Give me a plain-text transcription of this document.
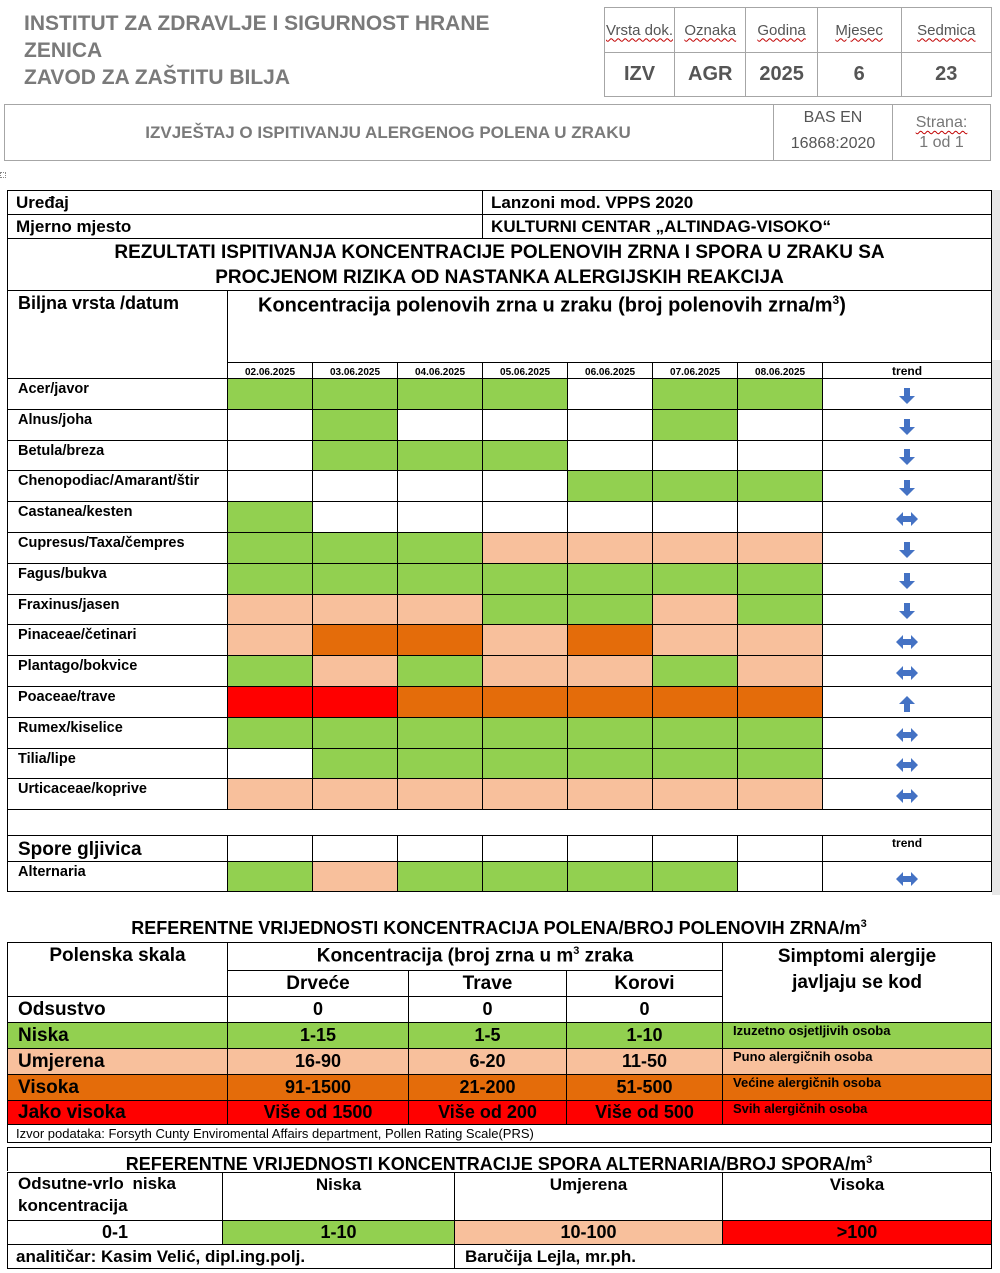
INSTITUT ZA ZDRAVLJE I SIGURNOST HRANE
ZENICA
ZAVOD ZA ZAŠTITU BILJA
Vrsta dok.	Oznaka	Godina	Mjesec	Sedmica
IZV	AGR	2025	6	23
IZVJEŠTAJ O ISPITIVANJU ALERGENOG POLENA U ZRAKU
BAS EN
16868:2020
Strana:
1 od 1
Uređaj				Lanzoni mod. VPPS 2020				
Mjerno mjesto				KULTURNI CENTAR „ALTINDAG-VISOKO“				

REZULTATI ISPITIVANJA KONCENTRACIJE POLENOVIH ZRNA I SPORA U ZRAKU SA
PROCJENOM RIZIKA OD NASTANKA ALERGIJSKIH REAKCIJA								

Biljna vrsta /datum	Koncentracija polenovih zrna u zraku (broj polenovih zrna/$m^3$)							
	02.06.2025	03.06.2025	04.06.2025	05.06.2025	06.06.2025	07.06.2025	08.06.2025	trend
Acer/javor								

Alnus/joha								

Betula/breza								

Chenopodiac/Amarant/štir								

Castanea/kesten								

Cupresus/Taxa/čempres								

Fagus/bukva								

Fraxinus/jasen								

Pinaceae/četinari								

Plantago/bokvice								

Poaceae/trave								

Rumex/kiselice								

Tilia/lipe								

Urticaceae/koprive								

Spore gljivica								trend
Alternaria								
REFERENTNE VRIJEDNOSTI KONCENTRACIJA POLENA/BROJ POLENOVIH ZRNA/$m^3$
Polenska skala	Koncentracija (broj zrna u $m^3$ zraka			Simptomi alergije
javljaju se kod

	Drveće	Trave	Korovi	
Odsustvo	0	0	0	
Niska	1-15	1-5	1-10	Izuzetno osjetljivih osoba
Umjerena	16-90	6-20	11-50	Puno alergičnih osoba
Visoka	91-1500	21-200	51-500	Većine alergičnih osoba
Jako visoka	Više od 1500	Više od 200	Više od 500	Svih alergičnih osoba
Izvor podataka: Forsyth Cunty Enviromental Affairs department, Pollen Rating Scale(PRS)				
REFERENTNE VRIJEDNOSTI KONCENTRACIJE SPORA ALTERNARIA/BROJ SPORA/$m^3$
Odsutne-vrlo niska koncentracija	Niska	Umjerena	Visoka
0-1	1-10	10-100	>100
analitičar: Kasim Velić, dipl.ing.polj.		Baručija Lejla, mr.ph.	
